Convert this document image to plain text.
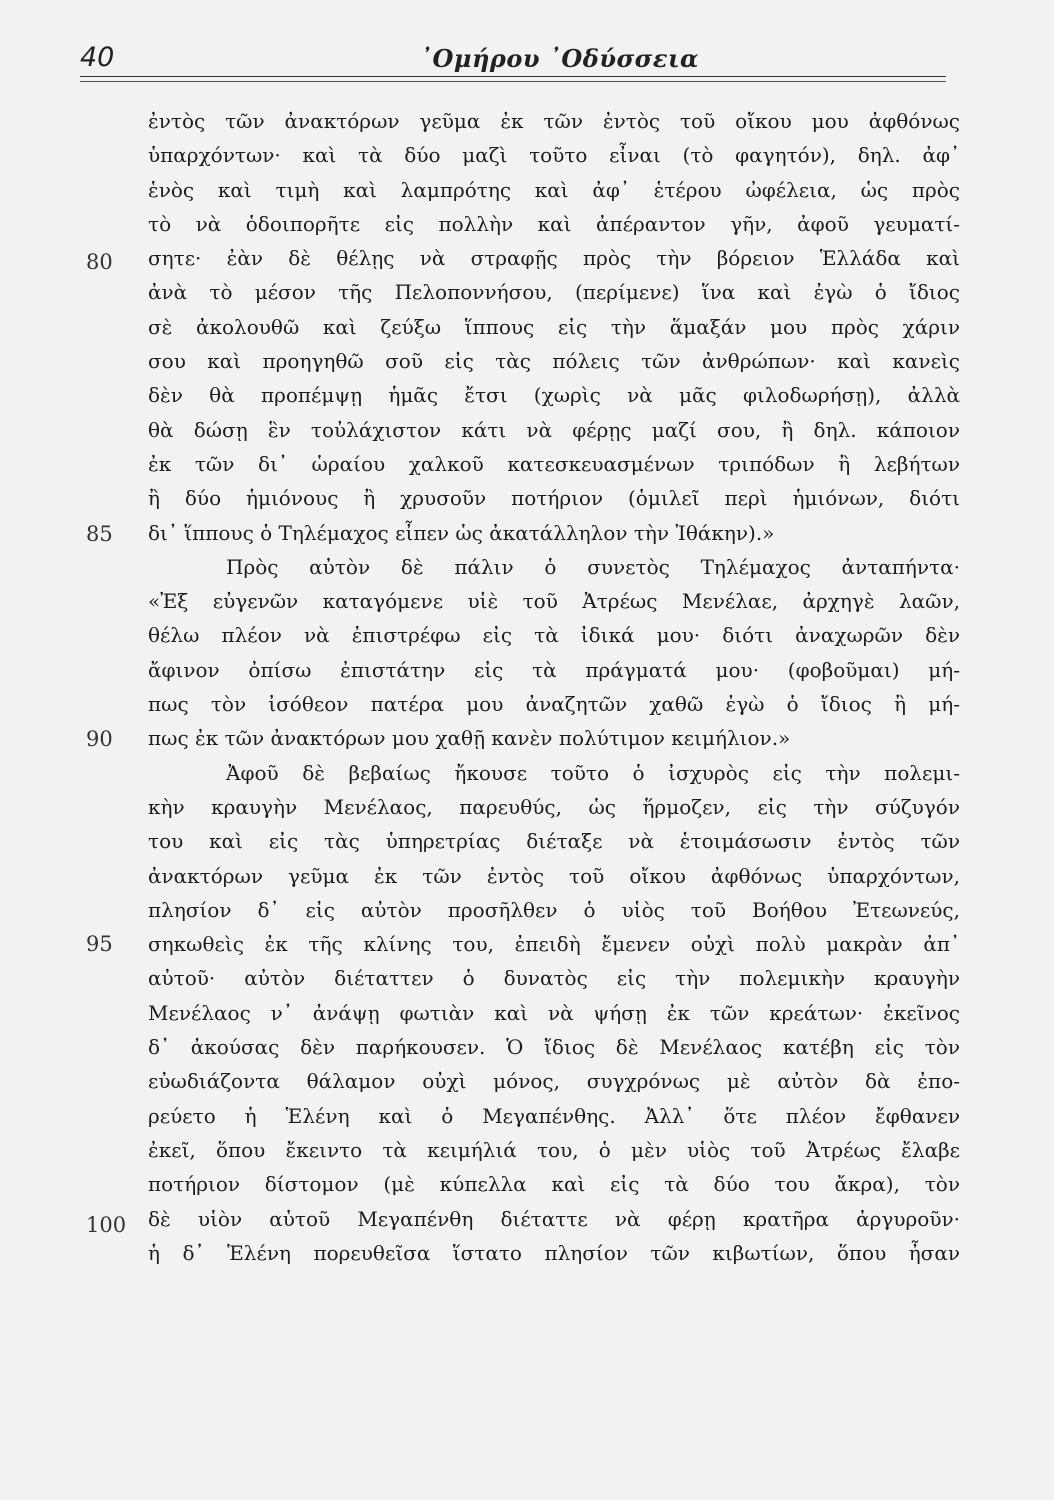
40	᾿Ομήρου ᾿Οδύσσεια
80
85
90
95
100
ἐντὸς τῶν ἀνακτόρων γεῦμα ἐκ τῶν ἐντὸς τοῦ οἴκου μου ἀφθόνως
ὑπαρχόντων· καὶ τὰ δύο μαζὶ τοῦτο εἶναι (τὸ φαγητόν), δηλ. ἀφ᾿
ἑνὸς καὶ τιμὴ καὶ λαμπρότης καὶ ἀφ᾿ ἑτέρου ὠφέλεια, ὡς πρὸς
τὸ νὰ ὁδοιπορῆτε εἰς πολλὴν καὶ ἀπέραντον γῆν, ἀφοῦ γευματί-
σητε· ἐὰν δὲ θέλῃς νὰ στραφῇς πρὸς τὴν βόρειον Ἑλλάδα καὶ
ἀνὰ τὸ μέσον τῆς Πελοποννήσου, (περίμενε) ἵνα καὶ ἐγὼ ὁ ἴδιος
σὲ ἀκολουθῶ καὶ ζεύξω ἵππους εἰς τὴν ἅμαξάν μου πρὸς χάριν
σου καὶ προηγηθῶ σοῦ εἰς τὰς πόλεις τῶν ἀνθρώπων· καὶ κανεὶς
δὲν θὰ προπέμψῃ ἡμᾶς ἔτσι (χωρὶς νὰ μᾶς φιλοδωρήσῃ), ἀλλὰ
θὰ δώσῃ ἓν τοὐλάχιστον κάτι νὰ φέρῃς μαζί σου, ἢ δηλ. κάποιον
ἐκ τῶν δι᾿ ὡραίου χαλκοῦ κατεσκευασμένων τριπόδων ἢ λεβήτων
ἢ δύο ἡμιόνους ἢ χρυσοῦν ποτήριον (ὁμιλεῖ περὶ ἡμιόνων, διότι
δι᾿ ἵππους ὁ Τηλέμαχος εἶπεν ὡς ἀκατάλληλον τὴν Ἰθάκην).»
Πρὸς αὐτὸν δὲ πάλιν ὁ συνετὸς Τηλέμαχος ἀνταπήντα·
«Ἐξ εὐγενῶν καταγόμενε υἱὲ τοῦ Ἀτρέως Μενέλαε, ἀρχηγὲ λαῶν,
θέλω πλέον νὰ ἐπιστρέφω εἰς τὰ ἰδικά μου· διότι ἀναχωρῶν δὲν
ἄφινον ὀπίσω ἐπιστάτην εἰς τὰ πράγματά μου· (φοβοῦμαι) μή-
πως τὸν ἰσόθεον πατέρα μου ἀναζητῶν χαθῶ ἐγὼ ὁ ἴδιος ἢ μή-
πως ἐκ τῶν ἀνακτόρων μου χαθῇ κανὲν πολύτιμον κειμήλιον.»
Ἀφοῦ δὲ βεβαίως ἤκουσε τοῦτο ὁ ἰσχυρὸς εἰς τὴν πολεμι-
κὴν κραυγὴν Μενέλαος, παρευθύς, ὡς ἥρμοζεν, εἰς τὴν σύζυγόν
του καὶ εἰς τὰς ὑπηρετρίας διέταξε νὰ ἑτοιμάσωσιν ἐντὸς τῶν
ἀνακτόρων γεῦμα ἐκ τῶν ἐντὸς τοῦ οἴκου ἀφθόνως ὑπαρχόντων,
πλησίον δ᾿ εἰς αὐτὸν προσῆλθεν ὁ υἱὸς τοῦ Βοήθου Ἐτεωνεύς,
σηκωθεὶς ἐκ τῆς κλίνης του, ἐπειδὴ ἔμενεν οὐχὶ πολὺ μακρὰν ἀπ᾿
αὐτοῦ· αὐτὸν διέταττεν ὁ δυνατὸς εἰς τὴν πολεμικὴν κραυγὴν
Μενέλαος ν᾿ ἀνάψῃ φωτιὰν καὶ νὰ ψήσῃ ἐκ τῶν κρεάτων· ἐκεῖνος
δ᾿ ἀκούσας δὲν παρήκουσεν. Ὁ ἴδιος δὲ Μενέλαος κατέβη εἰς τὸν
εὐωδιάζοντα θάλαμον οὐχὶ μόνος, συγχρόνως μὲ αὐτὸν δὰ ἐπο-
ρεύετο ἡ Ἑλένη καὶ ὁ Μεγαπένθης. Ἀλλ᾿ ὅτε πλέον ἔφθανεν
ἐκεῖ, ὅπου ἔκειντο τὰ κειμήλιά του, ὁ μὲν υἱὸς τοῦ Ἀτρέως ἔλαβε
ποτήριον δίστομον (μὲ κύπελλα καὶ εἰς τὰ δύο του ἄκρα), τὸν
δὲ υἱὸν αὐτοῦ Μεγαπένθη διέταττε νὰ φέρῃ κρατῆρα ἀργυροῦν·
ἡ δ᾿ Ἑλένη πορευθεῖσα ἵστατο πλησίον τῶν κιβωτίων, ὅπου ἦσαν
